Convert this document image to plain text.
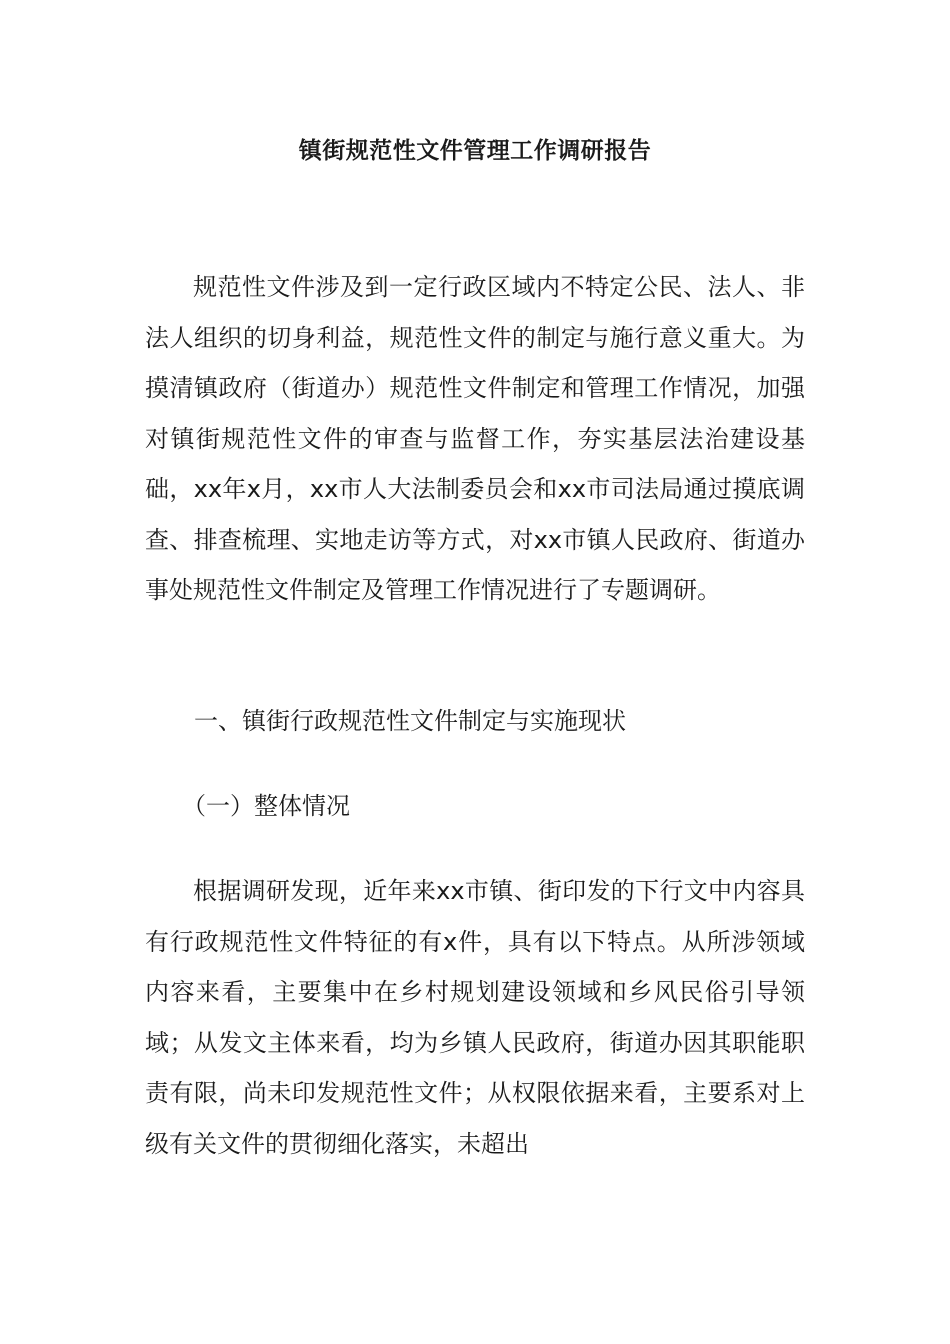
镇街规范性文件管理工作调研报告

规范性文件涉及到一定行政区域内不特定公民、法人、非法人组织的切身利益，规范性文件的制定与施行意义重大。为摸清镇政府（街道办）规范性文件制定和管理工作情况，加强对镇街规范性文件的审查与监督工作，夯实基层法治建设基础，xx年x月，xx市人大法制委员会和xx市司法局通过摸底调查、排查梳理、实地走访等方式，对xx市镇人民政府、街道办事处规范性文件制定及管理工作情况进行了专题调研。

一、镇街行政规范性文件制定与实施现状
（一）整体情况

根据调研发现，近年来xx市镇、街印发的下行文中内容具有行政规范性文件特征的有x件，具有以下特点。从所涉领域内容来看，主要集中在乡村规划建设领域和乡风民俗引导领域；从发文主体来看，均为乡镇人民政府，街道办因其职能职责有限，尚未印发规范性文件；从权限依据来看，主要系对上级有关文件的贯彻细化落实，未超出
